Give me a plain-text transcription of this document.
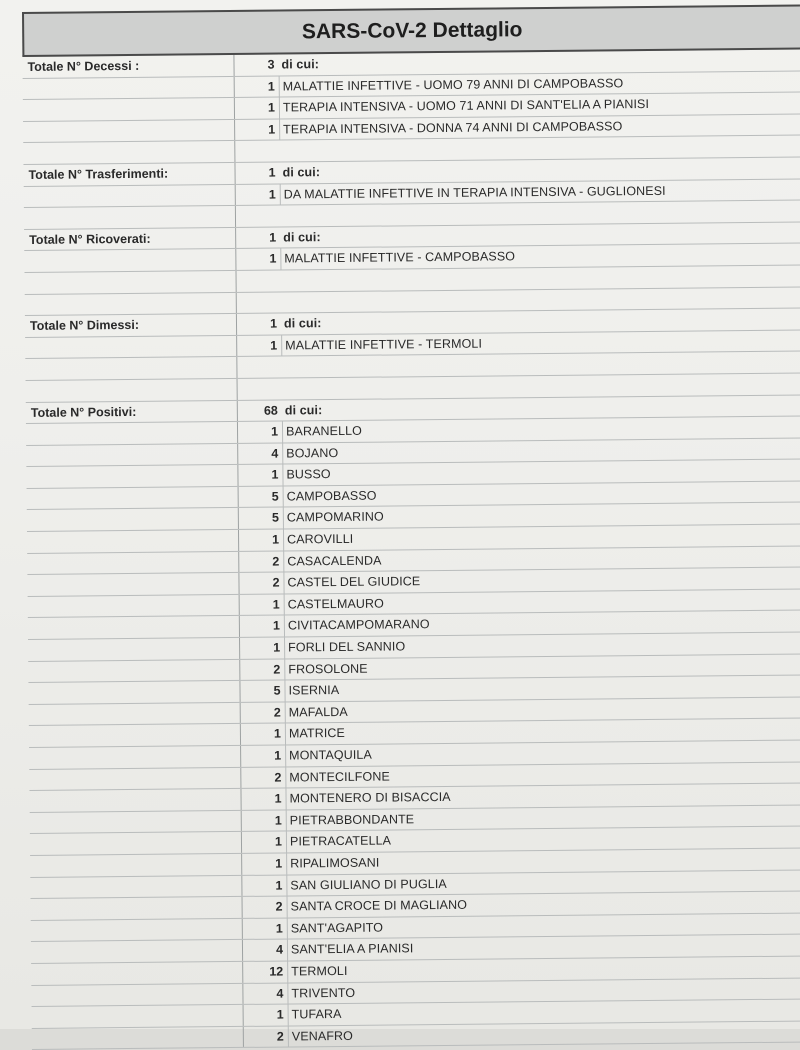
SARS-CoV-2 Dettaglio
Totale N° Decessi :	3 di cui:
1 MALATTIE INFETTIVE - UOMO 79 ANNI DI CAMPOBASSO
1 TERAPIA INTENSIVA - UOMO 71 ANNI DI SANT'ELIA A PIANISI
1 TERAPIA INTENSIVA - DONNA 74 ANNI DI CAMPOBASSO
Totale N° Trasferimenti:	1 di cui:
1 DA MALATTIE INFETTIVE IN TERAPIA INTENSIVA - GUGLIONESI
Totale N° Ricoverati:	1 di cui:
1 MALATTIE INFETTIVE - CAMPOBASSO
Totale N° Dimessi:	1 di cui:
1 MALATTIE INFETTIVE - TERMOLI
Totale N° Positivi:	68 di cui:
1 BARANELLO
4 BOJANO
1 BUSSO
5 CAMPOBASSO
5 CAMPOMARINO
1 CAROVILLI
2 CASACALENDA
2 CASTEL DEL GIUDICE
1 CASTELMAURO
1 CIVITACAMPOMARANO
1 FORLI DEL SANNIO
2 FROSOLONE
5 ISERNIA
2 MAFALDA
1 MATRICE
1 MONTAQUILA
2 MONTECILFONE
1 MONTENERO DI BISACCIA
1 PIETRABBONDANTE
1 PIETRACATELLA
1 RIPALIMOSANI
1 SAN GIULIANO DI PUGLIA
2 SANTA CROCE DI MAGLIANO
1 SANT'AGAPITO
4 SANT'ELIA A PIANISI
12 TERMOLI
4 TRIVENTO
1 TUFARA
2 VENAFRO
